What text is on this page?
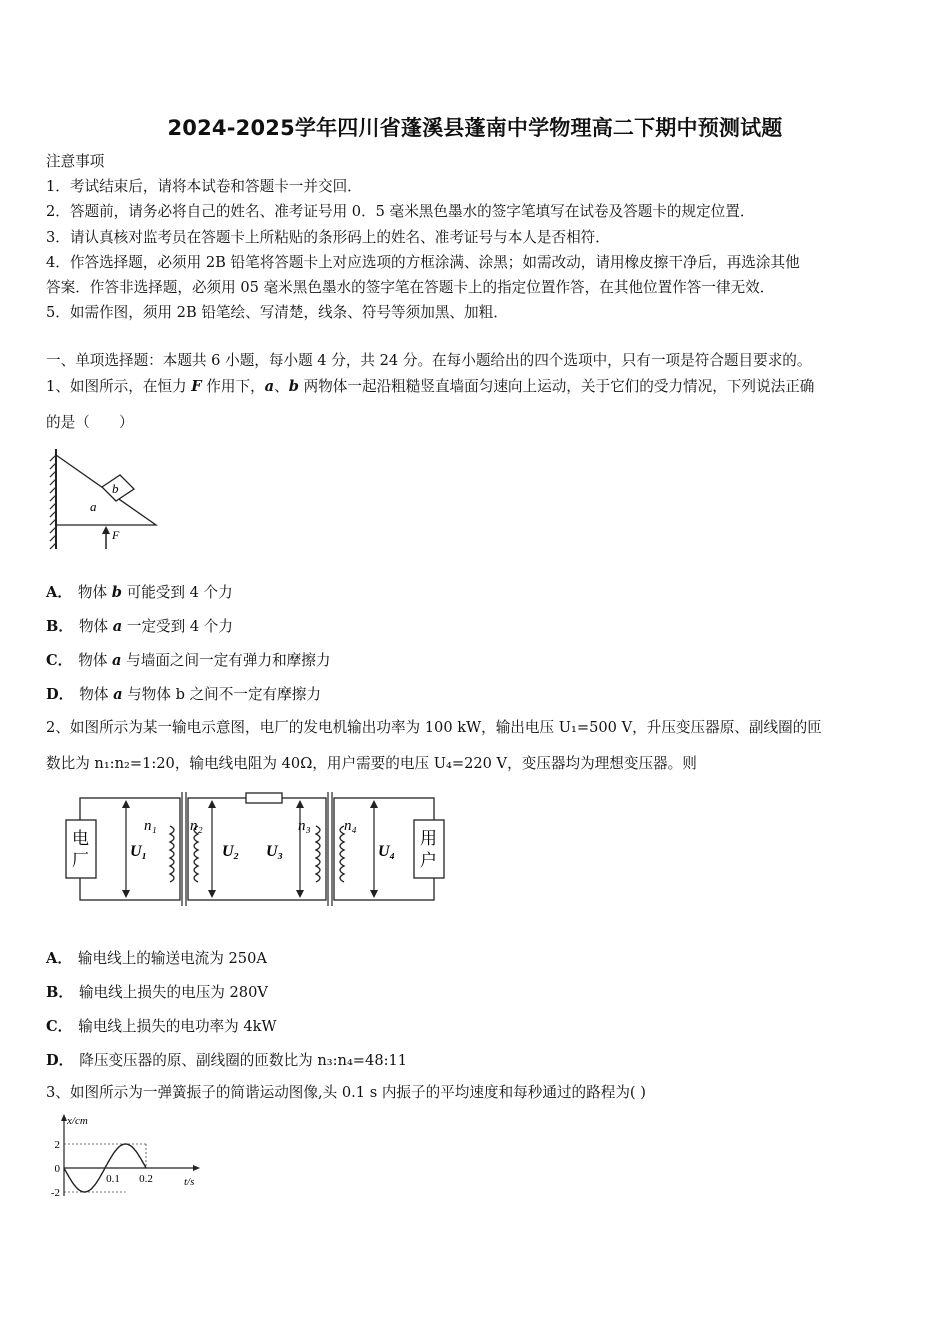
2024-2025学年四川省蓬溪县蓬南中学物理高二下期中预测试题
注意事项
1．考试结束后，请将本试卷和答题卡一并交回．
2．答题前，请务必将自己的姓名、准考证号用 0．5 毫米黑色墨水的签字笔填写在试卷及答题卡的规定位置．
3．请认真核对监考员在答题卡上所粘贴的条形码上的姓名、准考证号与本人是否相符．
4．作答选择题，必须用 2B 铅笔将答题卡上对应选项的方框涂满、涂黑；如需改动，请用橡皮擦干净后，再选涂其他
答案．作答非选择题，必须用 05 毫米黑色墨水的签字笔在答题卡上的指定位置作答，在其他位置作答一律无效．
5．如需作图，须用 2B 铅笔绘、写清楚，线条、符号等须加黑、加粗．
一、单项选择题：本题共 6 小题，每小题 4 分，共 24 分。在每小题给出的四个选项中，只有一项是符合题目要求的。
1、如图所示，在恒力 F 作用下，a、b 两物体一起沿粗糙竖直墙面匀速向上运动，关于它们的受力情况，下列说法正确
的是（　　）
b
a
F
A． 物体 b 可能受到 4 个力
B． 物体 a 一定受到 4 个力
C． 物体 a 与墙面之间一定有弹力和摩擦力
D． 物体 a 与物体 b 之间不一定有摩擦力
2、如图所示为某一输电示意图，电厂的发电机输出功率为 100 kW，输出电压 U₁=500 V，升压变压器原、副线圈的匝
数比为 n₁:n₂=1:20，输电线电阻为 40Ω，用户需要的电压 U₄=220 V，变压器均为理想变压器。则
电
厂
用
户
U₁	U₂ U₃	U₄
n₁ n₂	n₃ n₄
A． 输电线上的输送电流为 250A
B． 输电线上损失的电压为 280V
C． 输电线上损失的电功率为 4kW
D． 降压变压器的原、副线圈的匝数比为 n₃:n₄=48:11
3、如图所示为一弹簧振子的简谐运动图像,头 0.1 s 内振子的平均速度和每秒通过的路程为( )
x/cm
t/s
2
0
-2
0.1 0.2
